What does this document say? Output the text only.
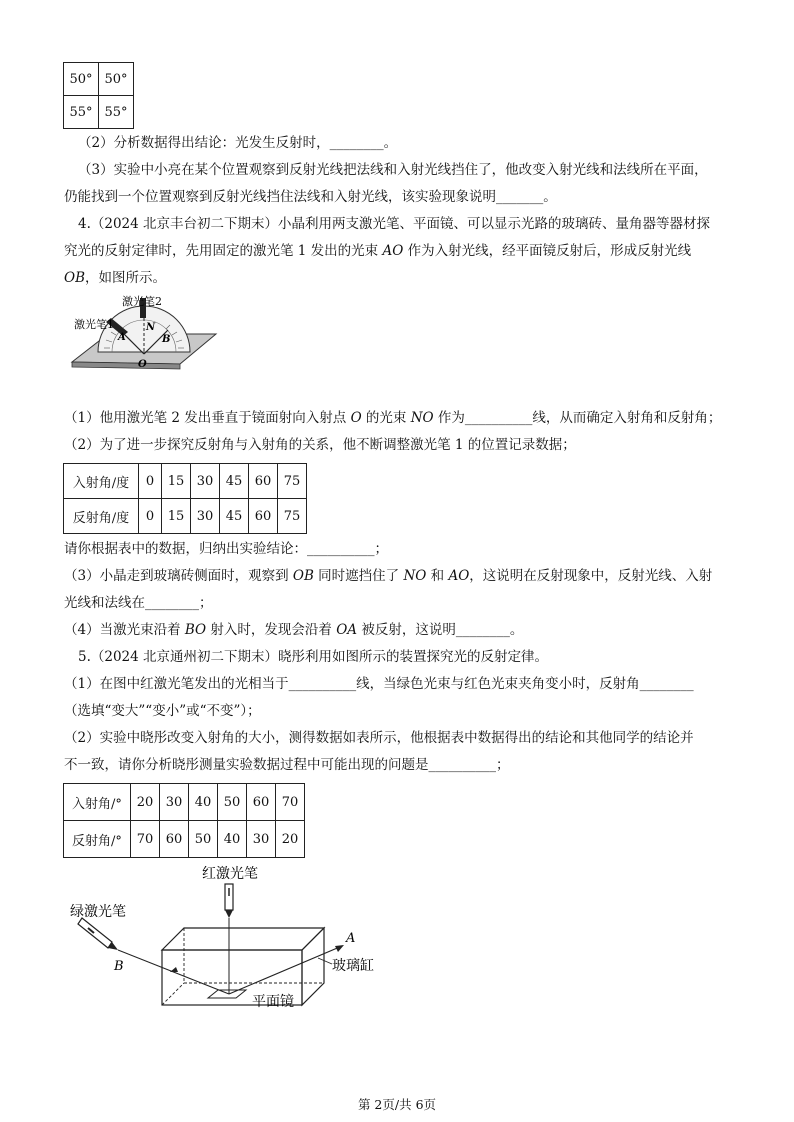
50°	50°
55°	55°
（2）分析数据得出结论：光发生反射时，________。
（3）实验中小亮在某个位置观察到反射光线把法线和入射光线挡住了，他改变入射光线和法线所在平面，
仍能找到一个位置观察到反射光线挡住法线和入射光线，该实验现象说明_______。
4.（2024 北京丰台初二下期末）小晶利用两支激光笔、平面镜、可以显示光路的玻璃砖、量角器等器材探
究光的反射定律时，先用固定的激光笔 1 发出的光束 AO 作为入射光线，经平面镜反射后，形成反射光线
OB，如图所示。
激光笔1
激光笔2
N
A	B
O
（1）他用激光笔 2 发出垂直于镜面射向入射点 O 的光束 NO 作为__________线，从而确定入射角和反射角；
（2）为了进一步探究反射角与入射角的关系，他不断调整激光笔 1 的位置记录数据；
入射角/度	0	15	30	45	60	75
反射角/度	0	15	30	45	60	75
请你根据表中的数据，归纳出实验结论：__________；
（3）小晶走到玻璃砖侧面时，观察到 OB 同时遮挡住了 NO 和 AO，这说明在反射现象中，反射光线、入射
光线和法线在________；
（4）当激光束沿着 BO 射入时，发现会沿着 OA 被反射，这说明________。
5.（2024 北京通州初二下期末）晓彤利用如图所示的装置探究光的反射定律。
（1）在图中红激光笔发出的光相当于__________线，当绿色光束与红色光束夹角变小时，反射角________
（选填“变大”“变小”或“不变”）；
（2）实验中晓彤改变入射角的大小，测得数据如表所示，他根据表中数据得出的结论和其他同学的结论并
不一致，请你分析晓彤测量实验数据过程中可能出现的问题是__________；
入射角/°	20	30	40	50	60	70
反射角/°	70	60	50	40	30	20
红激光笔
绿激光笔
B
A
玻璃缸
平面镜
第 2页/共 6页
